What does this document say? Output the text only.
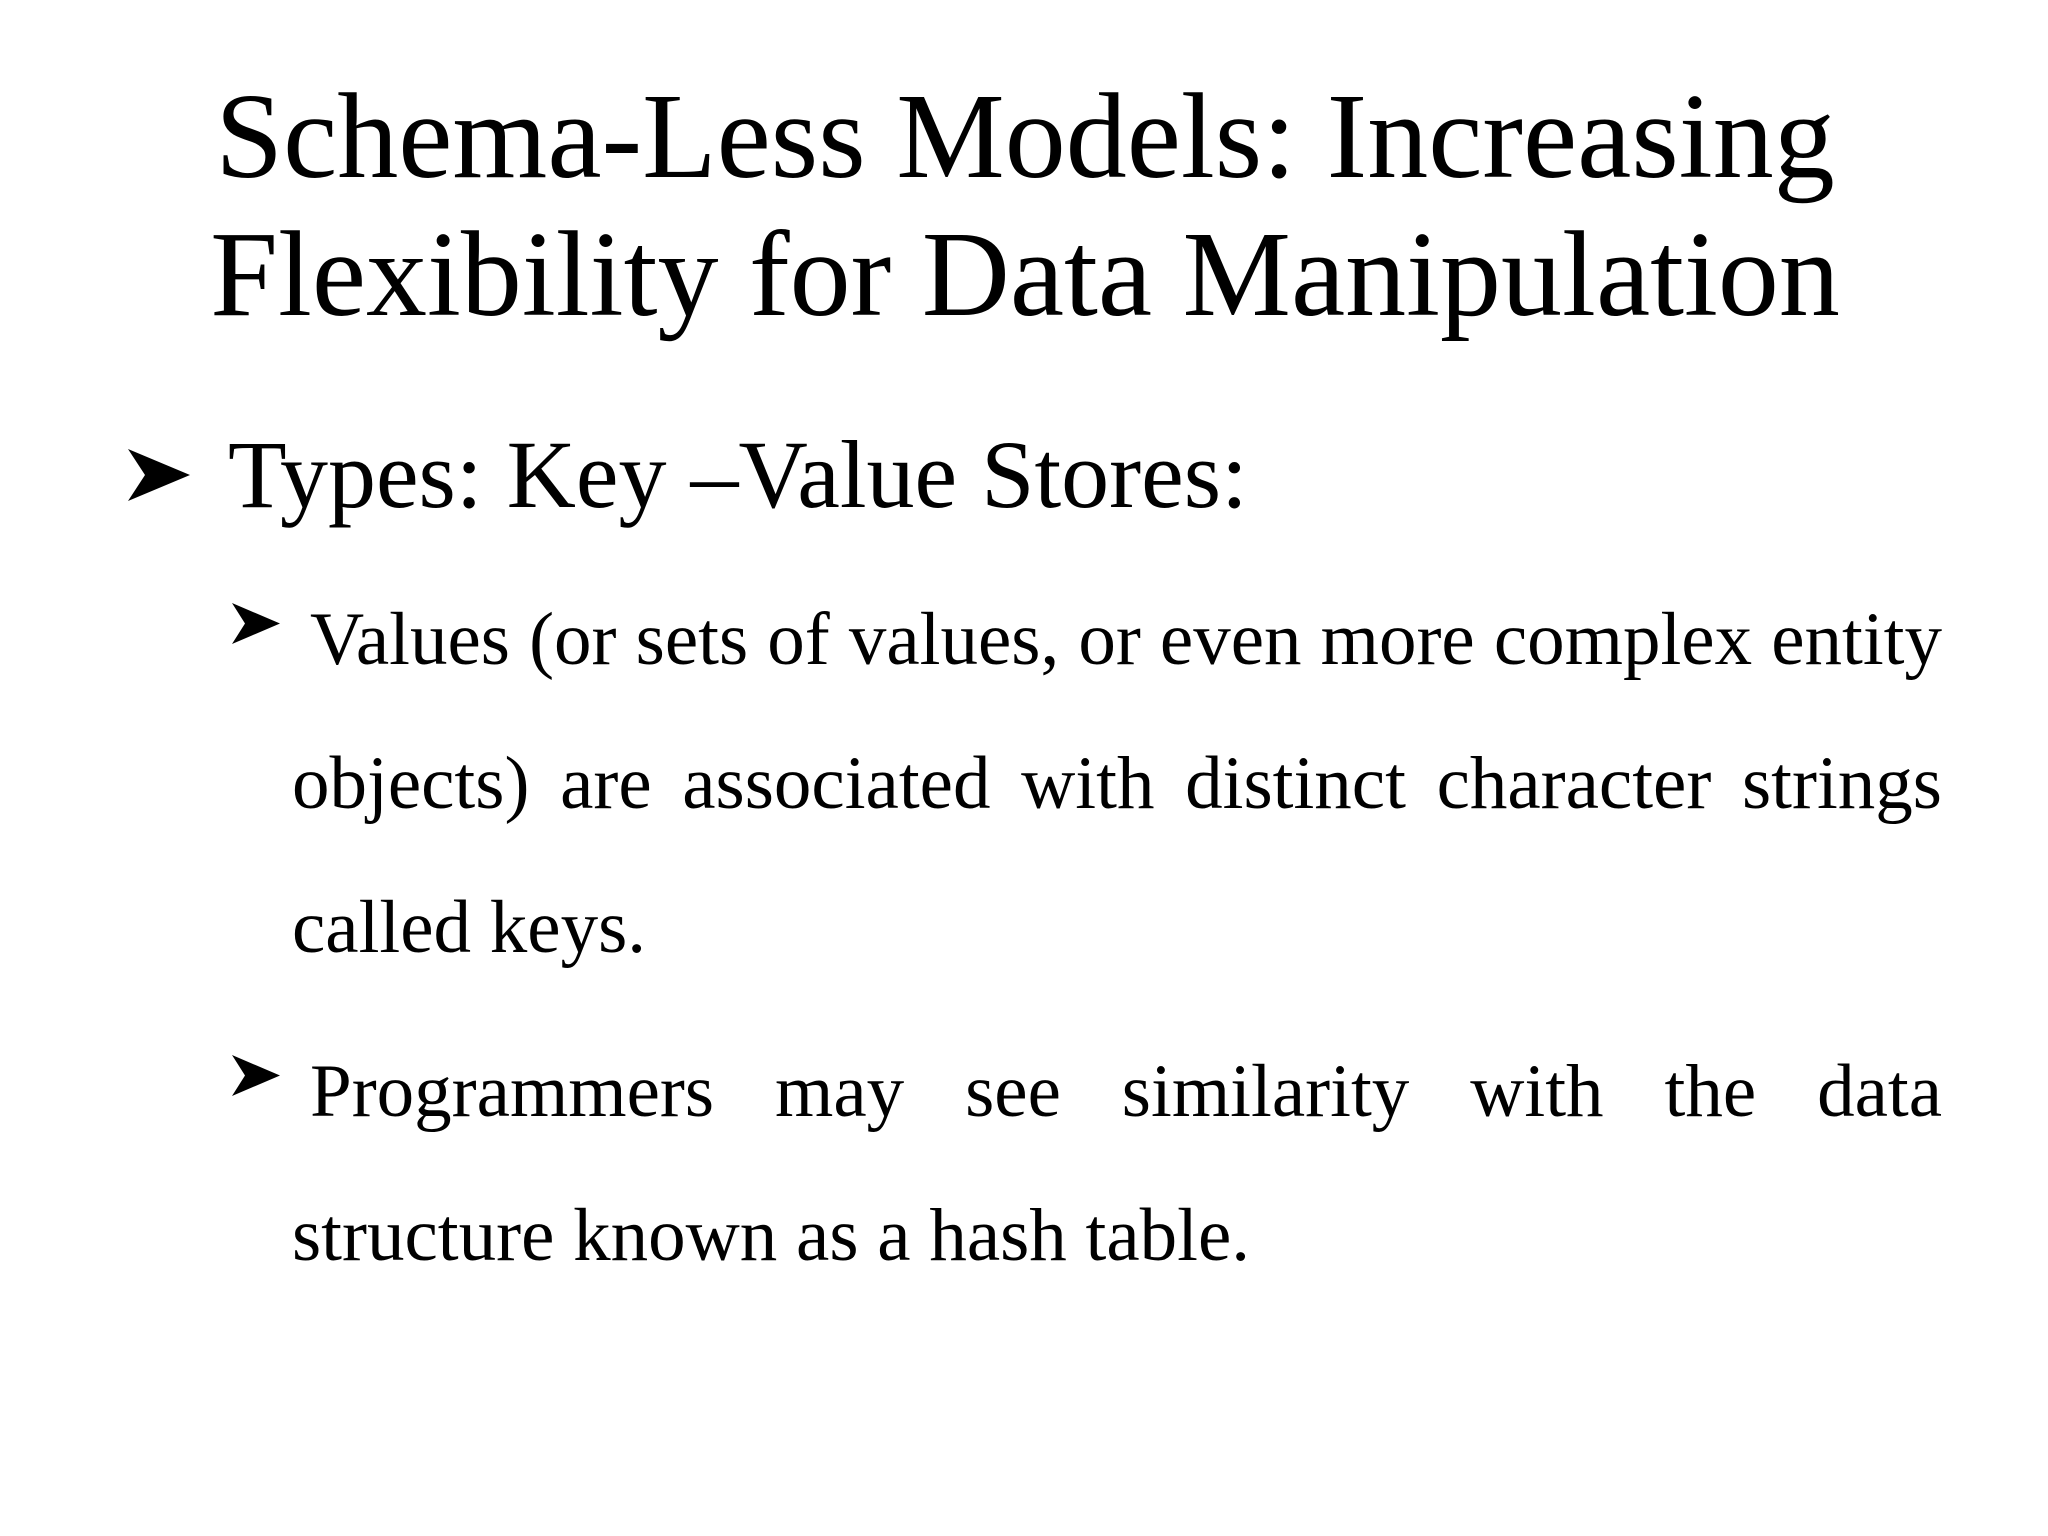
Schema-Less Models: Increasing Flexibility for Data Manipulation
Types: Key –Value Stores:
Values (or sets of values, or even more complex entity objects) are associated with distinct character strings called keys.
Programmers may see similarity with the data structure known as a hash table.
